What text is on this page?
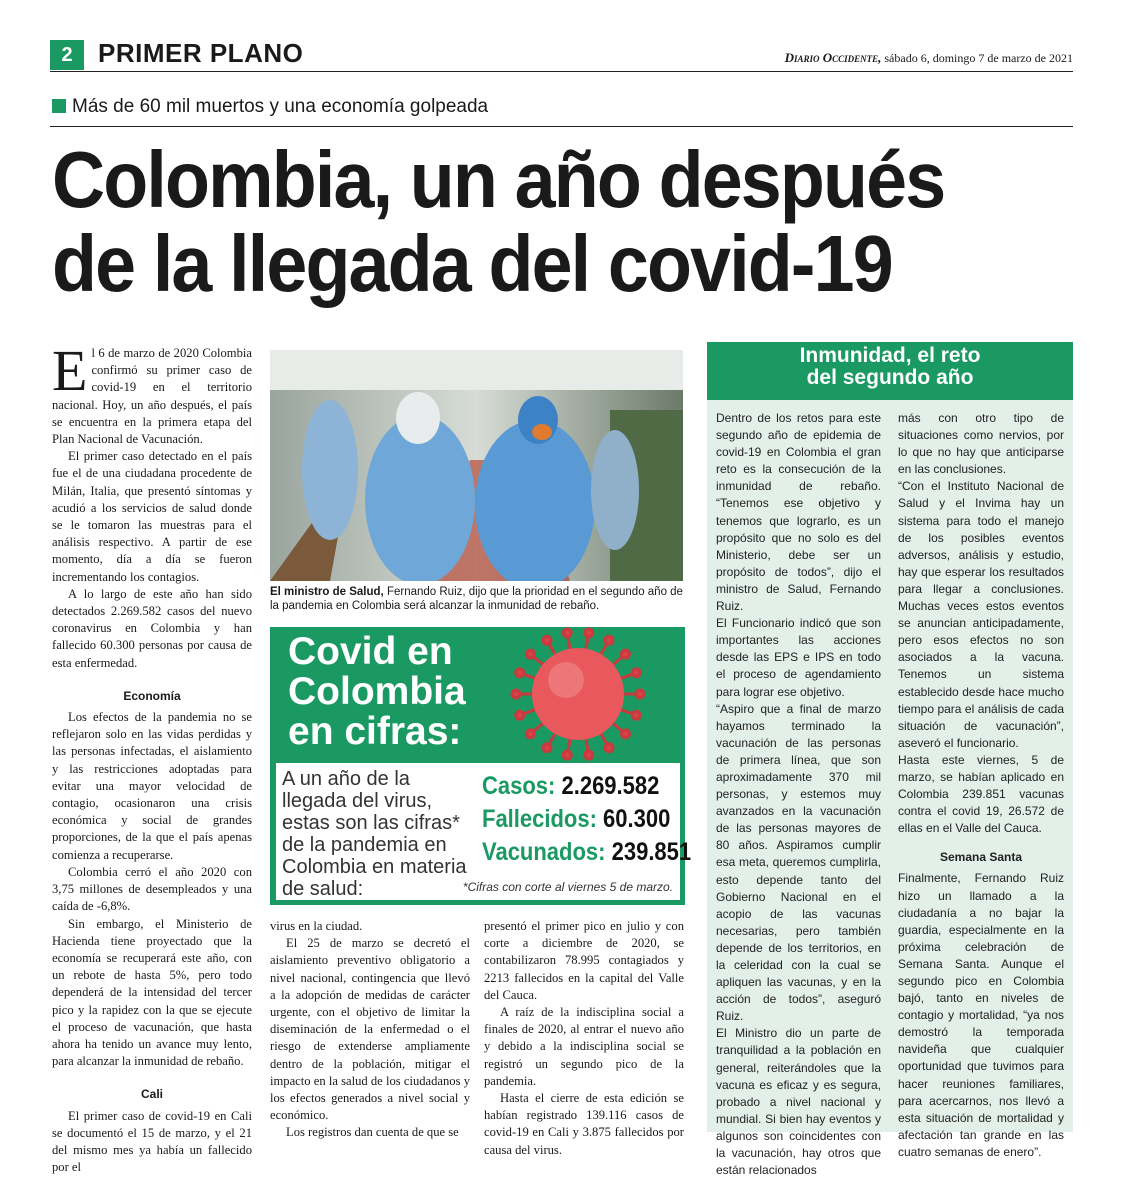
2 PRIMER PLANO	Diario Occidente, sábado 6, domingo 7 de marzo de 2021
Más de 60 mil muertos y una economía golpeada
Colombia, un año después
de la llegada del covid-19

El 6 de marzo de 2020 Colombia confirmó su primer caso de covid-19 en el territorio nacional. Hoy, un año después, el país se encuentra en la primera etapa del Plan Nacional de Vacunación.

El primer caso detectado en el país fue el de una ciudadana procedente de Milán, Italia, que presentó síntomas y acudió a los servicios de salud donde se le tomaron las muestras para el análisis respectivo. A partir de ese momento, día a día se fueron incrementando los contagios.

A lo largo de este año han sido detectados 2.269.582 casos del nuevo coronavirus en Colombia y han fallecido 60.300 personas por causa de esta enfermedad.

Economía

Los efectos de la pandemia no se reflejaron solo en las vidas perdidas y las personas infectadas, el aislamiento y las restricciones adoptadas para evitar una mayor velocidad de contagio, ocasionaron una crisis económica y social de grandes proporciones, de la que el país apenas comienza a recuperarse.

Colombia cerró el año 2020 con 3,75 millones de desempleados y una caída de -6,8%.

Sin embargo, el Ministerio de Hacienda tiene proyectado que la economía se recuperará este año, con un rebote de hasta 5%, pero todo dependerá de la intensidad del tercer pico y la rapidez con la que se ejecute el proceso de vacunación, que hasta ahora ha tenido un avance muy lento, para alcanzar la inmunidad de rebaño.

Cali

El primer caso de covid-19 en Cali se documentó el 15 de marzo, y el 21 del mismo mes ya había un fallecido por el

El ministro de Salud, Fernando Ruiz, dijo que la prioridad en el segundo año de la pandemia en Colombia será alcanzar la inmunidad de rebaño.
Covid en
Colombia
en cifras:
A un año de la llegada del virus, estas son las cifras* de la pandemia en Colombia en materia de salud:
Casos: 2.269.582
Fallecidos: 60.300
Vacunados: 239.851
*Cifras con corte al viernes 5 de marzo.

virus en la ciudad.

El 25 de marzo se decretó el aislamiento preventivo obligatorio a nivel nacional, contingencia que llevó a la adopción de medidas de carácter urgente, con el objetivo de limitar la diseminación de la enfermedad o el riesgo de extenderse ampliamente dentro de la población, mitigar el impacto en la salud de los ciudadanos y los efectos generados a nivel social y económico.

Los registros dan cuenta de que se

presentó el primer pico en julio y con corte a diciembre de 2020, se contabilizaron 78.995 contagiados y 2213 fallecidos en la capital del Valle del Cauca.

A raíz de la indisciplina social a finales de 2020, al entrar el nuevo año y debido a la indisciplina social se registró un segundo pico de la pandemia.

Hasta el cierre de esta edición se habían registrado 139.116 casos de covid-19 en Cali y 3.875 fallecidos por causa del virus.

Inmunidad, el reto
del segundo año

Dentro de los retos para este segundo año de epidemia de covid-19 en Colombia el gran reto es la consecución de la inmunidad de rebaño. “Tenemos ese objetivo y tenemos que lograrlo, es un propósito que no solo es del Ministerio, debe ser un propósito de todos”, dijo el ministro de Salud, Fernando Ruiz.

El Funcionario indicó que son importantes las acciones desde las EPS e IPS en todo el proceso de agendamiento para lograr ese objetivo.

“Aspiro que a final de marzo hayamos terminado la vacunación de las personas de primera línea, que son aproximadamente 370 mil personas, y estemos muy avanzados en la vacunación de las personas mayores de 80 años. Aspiramos cumplir esa meta, queremos cumplirla, esto depende tanto del Gobierno Nacional en el acopio de las vacunas necesarias, pero también depende de los territorios, en la celeridad con la cual se apliquen las vacunas, y en la acción de todos”, aseguró Ruiz.

El Ministro dio un parte de tranquilidad a la población en general, reiterándoles que la vacuna es eficaz y es segura, probado a nivel nacional y mundial. Si bien hay eventos y algunos son coincidentes con la vacunación, hay otros que están relacionados

más con otro tipo de situaciones como nervios, por lo que no hay que anticiparse en las conclusiones.

“Con el Instituto Nacional de Salud y el Invima hay un sistema para todo el manejo de los posibles eventos adversos, análisis y estudio, hay que esperar los resultados para llegar a conclusiones. Muchas veces estos eventos se anuncian anticipadamente, pero esos efectos no son asociados a la vacuna. Tenemos un sistema establecido desde hace mucho tiempo para el análisis de cada situación de vacunación”, aseveró el funcionario.

Hasta este viernes, 5 de marzo, se habían aplicado en Colombia 239.851 vacunas contra el covid 19, 26.572 de ellas en el Valle del Cauca.

Semana Santa

Finalmente, Fernando Ruiz hizo un llamado a la ciudadanía a no bajar la guardia, especialmente en la próxima celebración de Semana Santa. Aunque el segundo pico en Colombia bajó, tanto en niveles de contagio y mortalidad, “ya nos demostró la temporada navideña que cualquier oportunidad que tuvimos para hacer reuniones familiares, para acercarnos, nos llevó a esta situación de mortalidad y afectación tan grande en las cuatro semanas de enero”.
